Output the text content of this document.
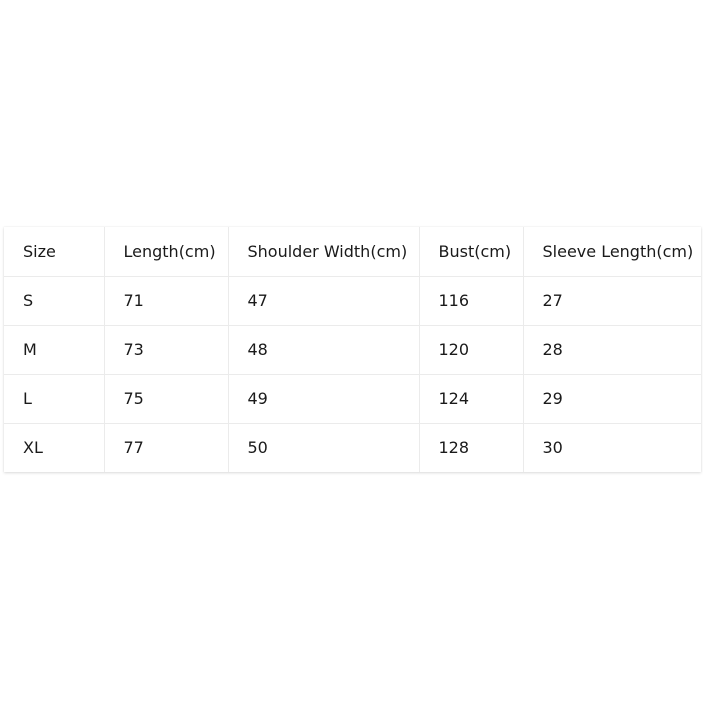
Size	Length(cm)	Shoulder Width(cm)	Bust(cm)	Sleeve Length(cm)
S	71	47	116	27
M	73	48	120	28
L	75	49	124	29
XL	77	50	128	30
